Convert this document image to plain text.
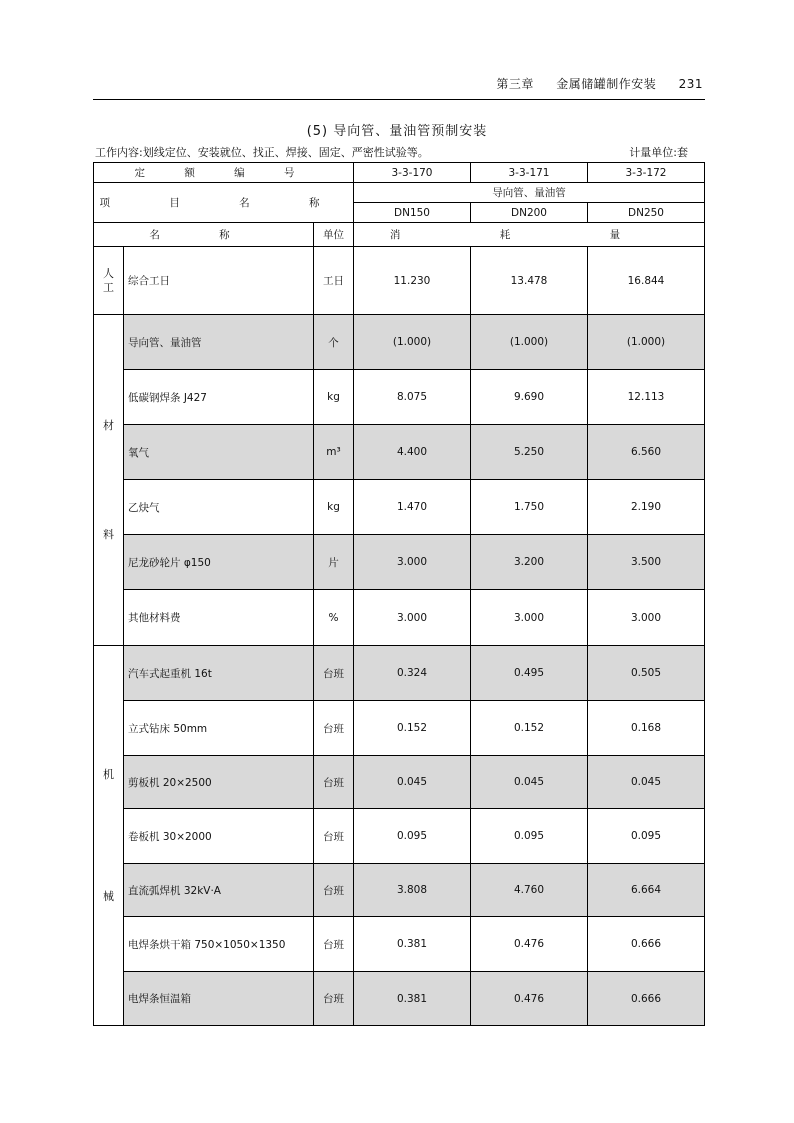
第三章 金属储罐制作安装 231
(5) 导向管、量油管预制安装
工作内容:划线定位、安装就位、找正、焊接、固定、严密性试验等。	计量单位:套
定 额 编 号			3-3-170	3-3-171	3-3-172
项 目 名 称			导向管、量油管		
			DN150	DN200	DN250
名 称		单位	消 耗 量		

人工	综合工日	工日	11.230	13.478	16.844

材
料	导向管、量油管	个	(1.000)	(1.000)	(1.000)
	低碳钢焊条 J427	kg	8.075	9.690	12.113
	氧气	m³	4.400	5.250	6.560
	乙炔气	kg	1.470	1.750	2.190
	尼龙砂轮片 φ150	片	3.000	3.200	3.500
	其他材料费	%	3.000	3.000	3.000

机
械	汽车式起重机 16t	台班	0.324	0.495	0.505
	立式钻床 50mm	台班	0.152	0.152	0.168
	剪板机 20×2500	台班	0.045	0.045	0.045
	卷板机 30×2000	台班	0.095	0.095	0.095
	直流弧焊机 32kV·A	台班	3.808	4.760	6.664
	电焊条烘干箱 750×1050×1350	台班	0.381	0.476	0.666
	电焊条恒温箱	台班	0.381	0.476	0.666
